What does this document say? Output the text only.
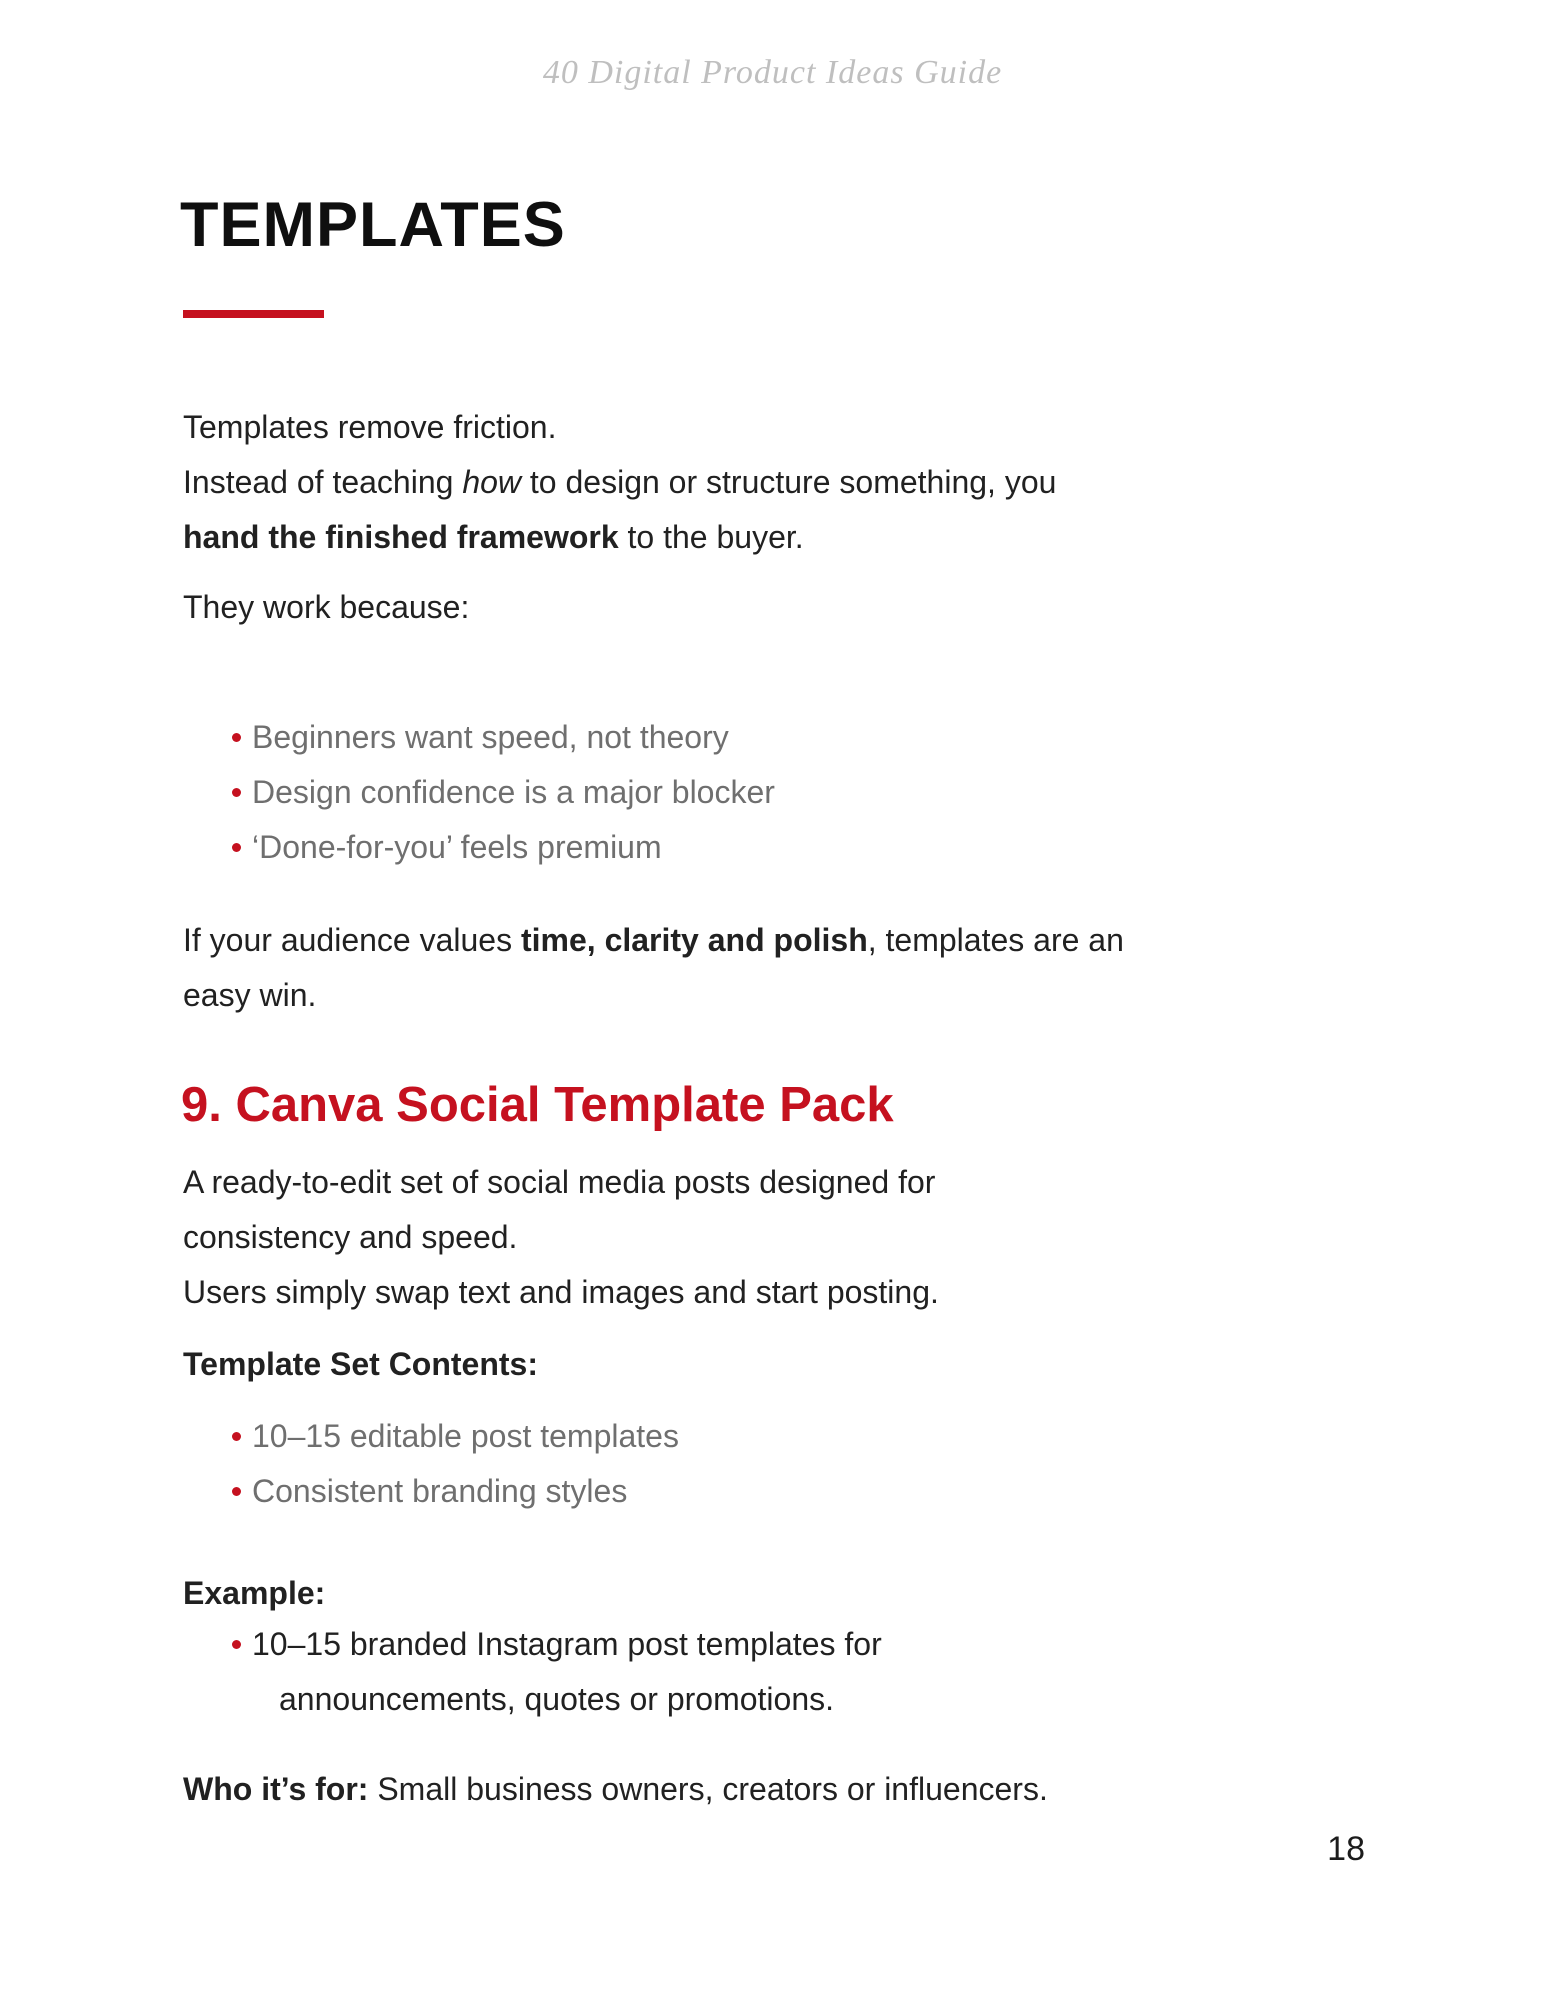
40 Digital Product Ideas Guide
TEMPLATES

Templates remove friction.
Instead of teaching how to design or structure something, you
hand the finished framework to the buyer.

They work because:

Beginners want speed, not theory
Design confidence is a major blocker
‘Done-for-you’ feels premium

If your audience values time, clarity and polish, templates are an
easy win.

9. Canva Social Template Pack

A ready-to-edit set of social media posts designed for
consistency and speed.
Users simply swap text and images and start posting.

Template Set Contents:

10–15 editable post templates
Consistent branding styles

Example:

10–15 branded Instagram post templates for
announcements, quotes or promotions.

Who it’s for: Small business owners, creators or influencers.

18
